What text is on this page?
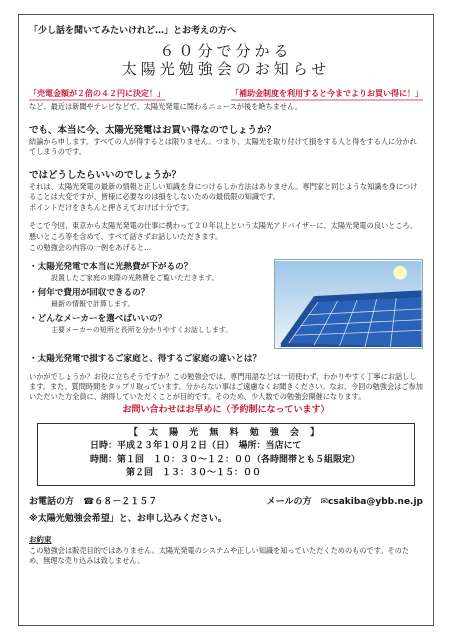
「少し話を聞いてみたいけれど…」とお考えの方へ
６０分で分かる
太陽光勉強会のお知らせ
「売電金額が２倍の４２円に決定！」	「補助金制度を利用すると今までよりお買い得に！」
など、最近は新聞やテレビなどで、太陽光発電に関わるニュースが後を絶ちません。
でも、本当に今、太陽光発電はお買い得なのでしょうか？
結論から申します。すべての人が得するとは限りません。つまり、太陽光を取り付けて損をする人と得をする人に分かれてしまうのです。
ではどうしたらいいのでしょうか？
それは、太陽光発電の最新の情報と正しい知識を身につけるしか方法はありません。専門家と同じような知識を身につけることは大変ですが、皆様に必要なのは損をしないための最低限の知識です。
ポイントだけをきちんと押さえておけば十分です。
そこで今回、東京から太陽光発電の仕事に携わって２０年以上という太陽光アドバイザーに、太陽光発電の良いところ、悪いところ等を含めて、すべて話さずお話しいただきます。
この勉強会の内容の一例をあげると…
・太陽光発電で本当に光熱費が下がるの？
設置したご家庭の実際の光熱費をご覧いただきます。
・何年で費用が回収できるの？
最新の情報で計算します。
・どんなメーカーを選べばいいの？
主要メーカーの短所と長所を分かりやすくお話しします。
・太陽光発電で損するご家庭と、得するご家庭の違いとは？
いかがでしょうか？お役に立ちそうですか？この勉強会では、専門用語などは一切使わず、わかりやすく丁寧にお話しします。また、質問時間をタップリ取っています。分からない事はご遠慮なくお聞きください。なお、今回の勉強会はご参加いただいた方全員に、納得していただくことが目的です。そのため、少人数での勉強会開催になります。
お問い合わせはお早めに（予約制になっています）
【 太 陽 光 無 料 勉 強 会 】
日時：平成２３年１０月２日（日）　場所：当店にて
時間：第１回　１０：３０～１２：００（各時間帯とも５組限定）
第２回　１３：３０～１５：００
お電話の方　☎６８－２１５７	メールの方　✉csakiba@ybb.ne.jp
※太陽光勉強会希望」と、お申し込みください。
お約束
この勉強会は販売目的ではありません。太陽光発電のシステムや正しい知識を知っていただくためのものです。そのため、無理な売り込みは致しません。
